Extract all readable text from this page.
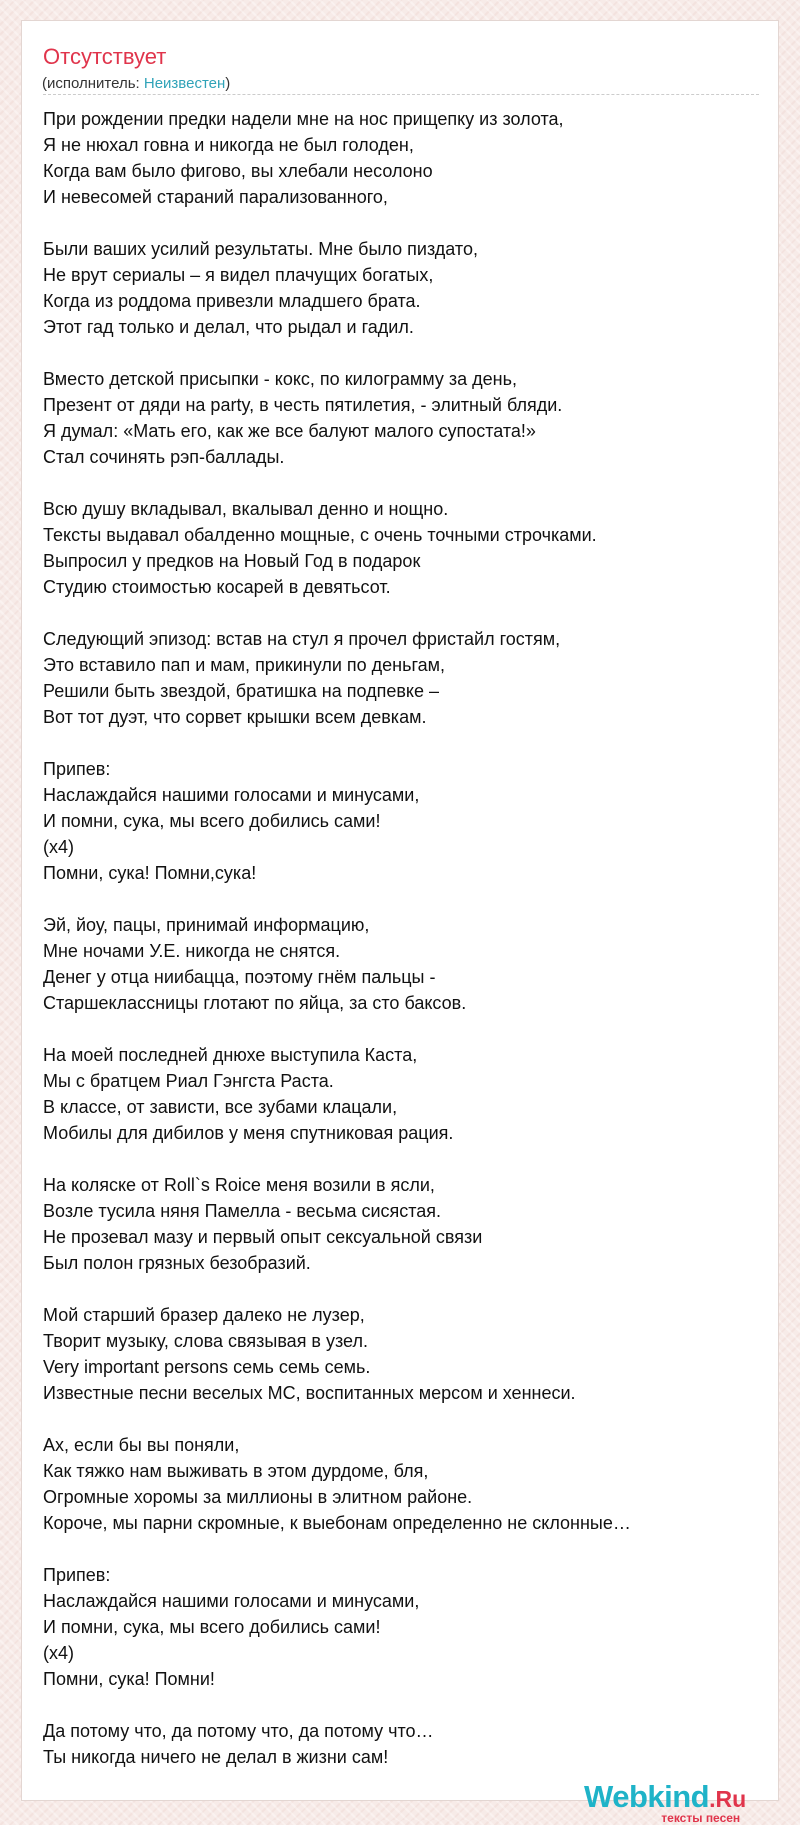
Отсутствует
(исполнитель: Неизвестен)
При рождении предки надели мне на нос прищепку из золота,
Я не нюхал говна и никогда не был голоден,
Когда вам было фигово, вы хлебали несолоно
И невесомей стараний парализованного,
Были ваших усилий результаты. Мне было пиздато,
Не врут сериалы – я видел плачущих богатых,
Когда из роддома привезли младшего брата.
Этот гад только и делал, что рыдал и гадил.
Вместо детской присыпки - кокс, по килограмму за день,
Презент от дяди на party, в честь пятилетия, - элитный бляди.
Я думал: «Мать его, как же все балуют малого супостата!»
Стал сочинять рэп-баллады.
Всю душу вкладывал, вкалывал денно и нощно.
Тексты выдавал обалденно мощные, с очень точными строчками.
Выпросил у предков на Новый Год в подарок
Студию стоимостью косарей в девятьсот.
Следующий эпизод: встав на стул я прочел фристайл гостям,
Это вставило пап и мам, прикинули по деньгам,
Решили быть звездой, братишка на подпевке –
Вот тот дуэт, что сорвет крышки всем девкам.
Припев:
Наслаждайся нашими голосами и минусами,
И помни, сука, мы всего добились сами!
(x4)
Помни, сука! Помни,сука!
Эй, йоу, пацы, принимай информацию,
Мне ночами У.Е. никогда не снятся.
Денег у отца ниибацца, поэтому гнём пальцы -
Старшеклассницы глотают по яйца, за сто баксов.
На моей последней днюхе выступила Каста,
Мы с братцем Риал Гэнгста Раста.
В классе, от зависти, все зубами клацали,
Мобилы для дибилов у меня спутниковая рация.
На коляске от Roll`s Roice меня возили в ясли,
Возле тусила няня Памелла - весьма сисястая.
Не прозевал мазу и первый опыт сексуальной связи
Был полон грязных безобразий.
Мой старший бразер далеко не лузер,
Творит музыку, слова связывая в узел.
Very important persons семь семь семь.
Известные песни веселых МС, воспитанных мерсом и хеннеси.
Ах, если бы вы поняли,
Как тяжко нам выживать в этом дурдоме, бля,
Огромные хоромы за миллионы в элитном районе.
Короче, мы парни скромные, к выебонам определенно не склонные…
Припев:
Наслаждайся нашими голосами и минусами,
И помни, сука, мы всего добились сами!
(x4)
Помни, сука! Помни!
Да потому что, да потому что, да потому что…
Ты никогда ничего не делал в жизни сам!
Webkind.Ru
тексты песен
